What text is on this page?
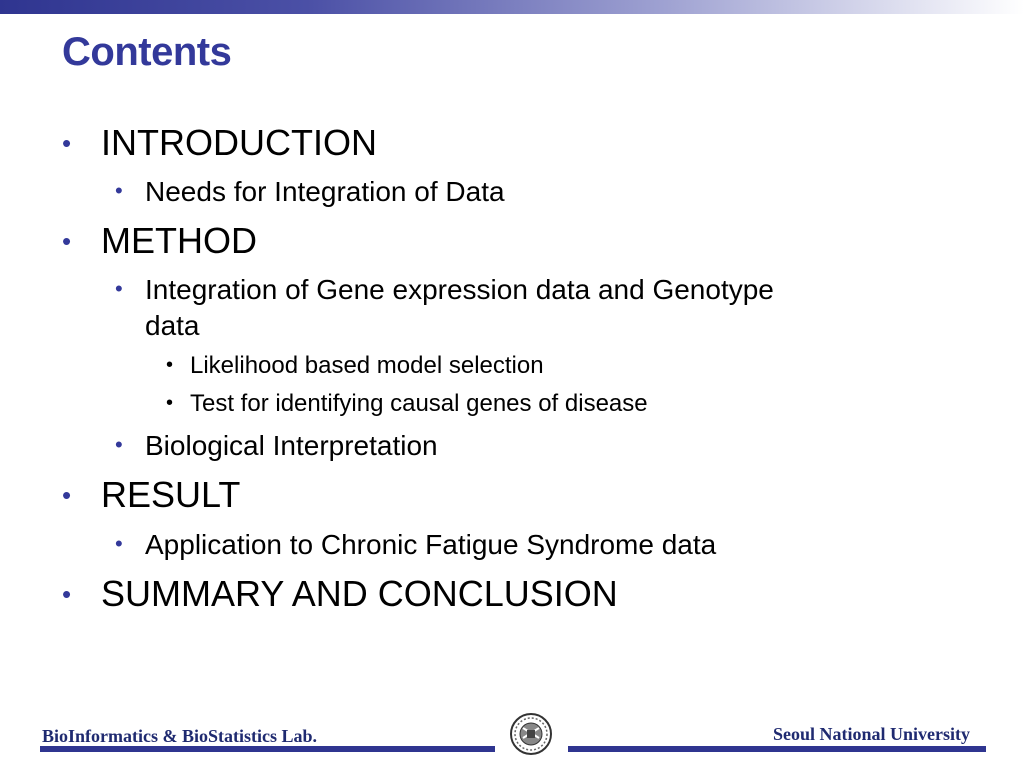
Contents
• INTRODUCTION
• Needs for Integration of Data
• METHOD
• Integration of Gene expression data and Genotype
data
• Likelihood based model selection
• Test for identifying causal genes of disease
• Biological Interpretation
• RESULT
• Application to Chronic Fatigue Syndrome data
• SUMMARY AND CONCLUSION
BioInformatics & BioStatistics Lab.	Seoul National University
